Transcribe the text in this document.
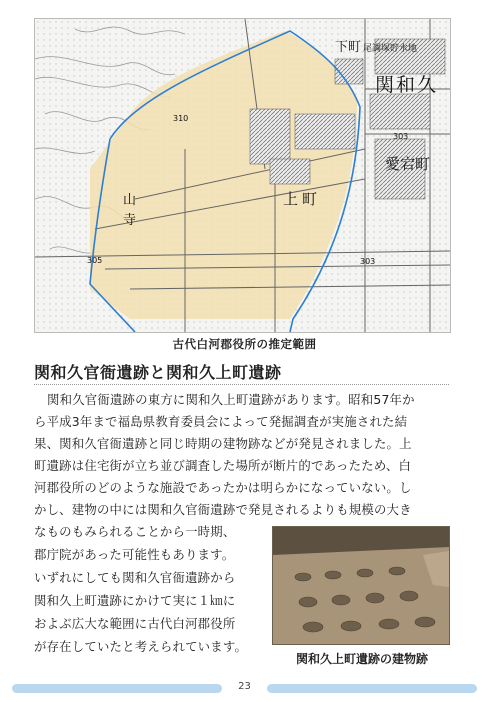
下町 尾調塚貯水地
関和久
愛宕町
上町
山
寺
310
303
303
305
古代白河郡役所の推定範囲
関和久官衙遺跡と関和久上町遺跡

関和久官衙遺跡の東方に関和久上町遺跡があります。昭和57年か

ら平成3年まで福島県教育委員会によって発掘調査が実施された結

果、関和久官衙遺跡と同じ時期の建物跡などが発見されました。上

町遺跡は住宅街が立ち並び調査した場所が断片的であったため、白

河郡役所のどのような施設であったかは明らかになっていない。し

かし、建物の中には関和久官衙遺跡で発見されるよりも規模の大き

なものもみられることから一時期、

郡庁院があった可能性もあります。

いずれにしても関和久官衙遺跡から

関和久上町遺跡にかけて実に１㎞に

およぶ広大な範囲に古代白河郡役所

が存在していたと考えられています。

関和久上町遺跡の建物跡
23
